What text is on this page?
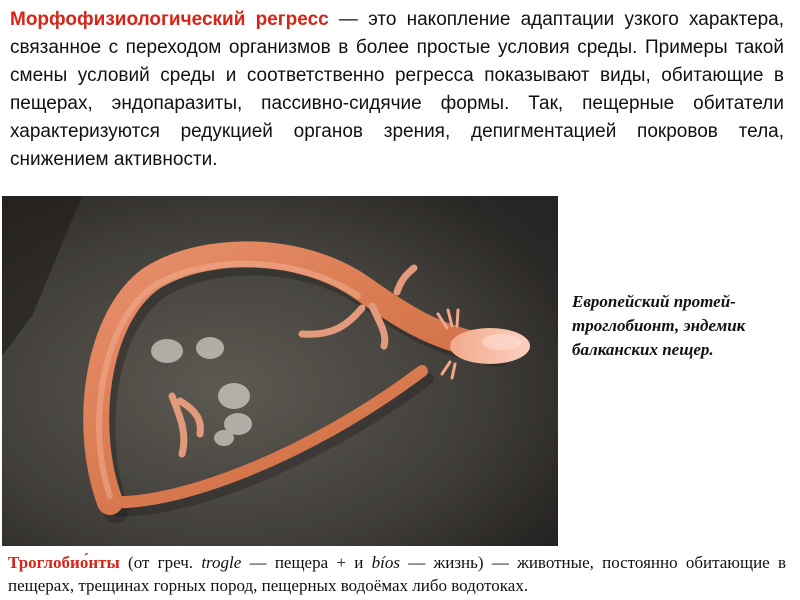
Морфофизиологический регресс — это накопление адаптации узкого характера, связанное с переходом организмов в более простые условия среды. Примеры такой смены условий среды и соответственно регресса показывают виды, обитающие в пещерах, эндопаразиты, пассивно-сидячие формы. Так, пещерные обитатели характеризуются редукцией органов зрения, депигментацией покровов тела, снижением активности.

Европейский протей-троглобионт, эндемик балканских пещер.

Троглобио́нты (от греч. trogle — пещера + и bíos — жизнь) — животные, постоянно обитающие в пещерах, трещинах горных пород, пещерных водоёмах либо водотоках.
